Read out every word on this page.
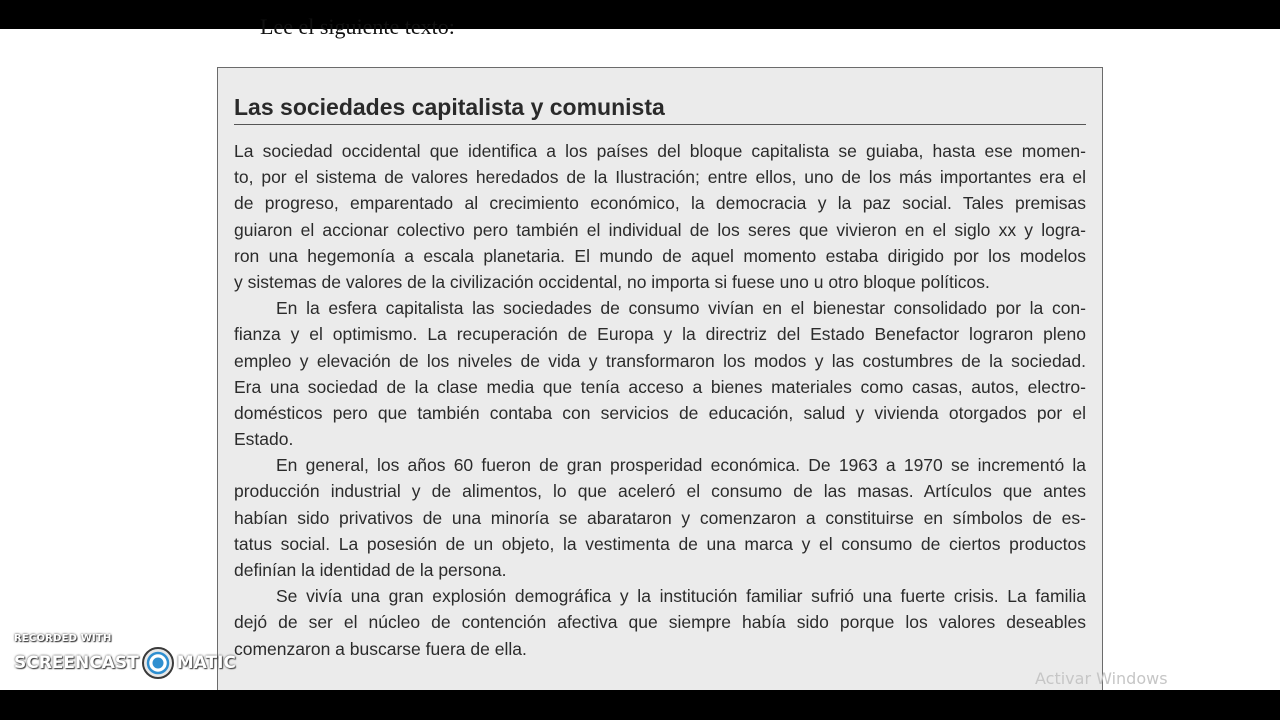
Lee el siguiente texto:
Las sociedades capitalista y comunista
La sociedad occidental que identifica a los países del bloque capitalista se guiaba, hasta ese momen-
to, por el sistema de valores heredados de la Ilustración; entre ellos, uno de los más importantes era el
de progreso, emparentado al crecimiento económico, la democracia y la paz social. Tales premisas
guiaron el accionar colectivo pero también el individual de los seres que vivieron en el siglo xx y logra-
ron una hegemonía a escala planetaria. El mundo de aquel momento estaba dirigido por los modelos
y sistemas de valores de la civilización occidental, no importa si fuese uno u otro bloque políticos.
En la esfera capitalista las sociedades de consumo vivían en el bienestar consolidado por la con-
fianza y el optimismo. La recuperación de Europa y la directriz del Estado Benefactor lograron pleno
empleo y elevación de los niveles de vida y transformaron los modos y las costumbres de la sociedad.
Era una sociedad de la clase media que tenía acceso a bienes materiales como casas, autos, electro-
domésticos pero que también contaba con servicios de educación, salud y vivienda otorgados por el
Estado.
En general, los años 60 fueron de gran prosperidad económica. De 1963 a 1970 se incrementó la
producción industrial y de alimentos, lo que aceleró el consumo de las masas. Artículos que antes
habían sido privativos de una minoría se abarataron y comenzaron a constituirse en símbolos de es-
tatus social. La posesión de un objeto, la vestimenta de una marca y el consumo de ciertos productos
definían la identidad de la persona.
Se vivía una gran explosión demográfica y la institución familiar sufrió una fuerte crisis. La familia
dejó de ser el núcleo de contención afectiva que siempre había sido porque los valores deseables
comenzaron a buscarse fuera de ella.
RECORDED WITH
SCREENCAST MATIC
Activar Windows
